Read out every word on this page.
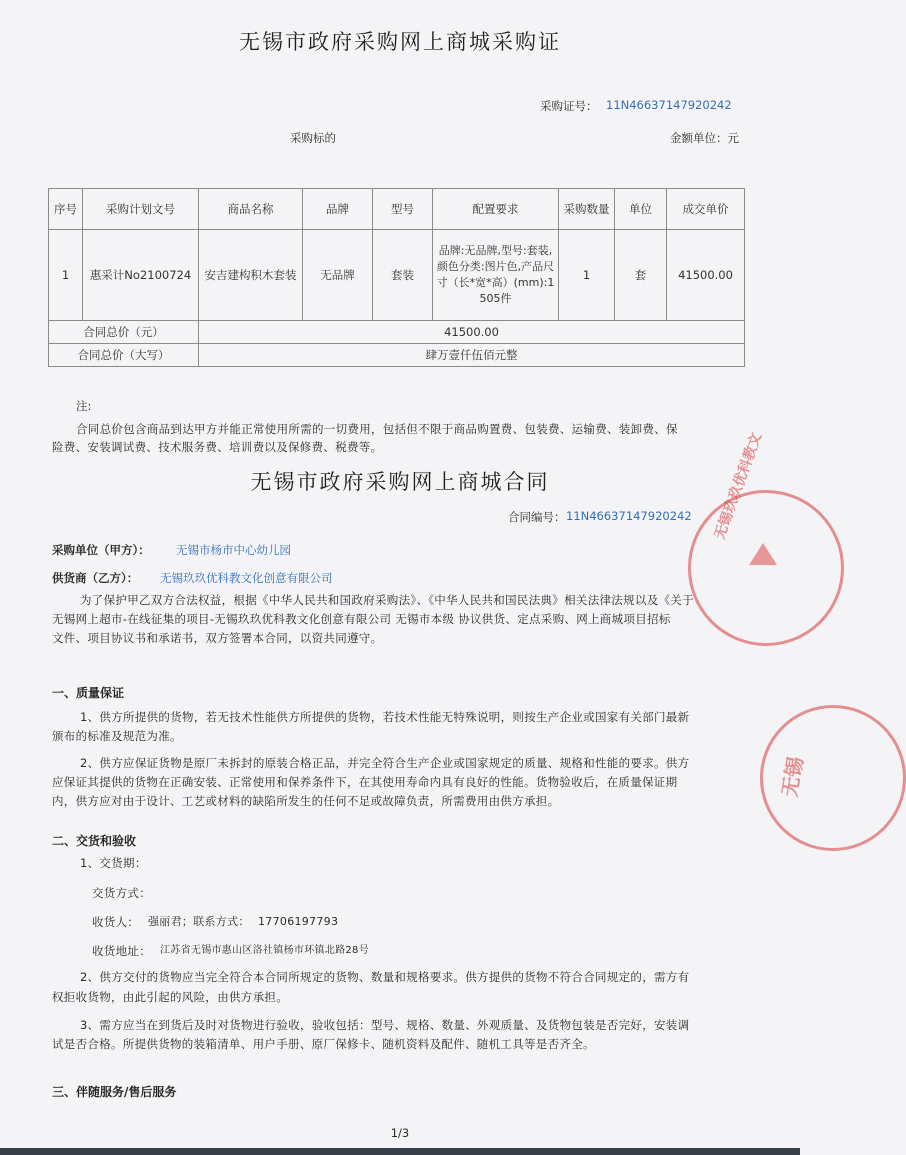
无锡市政府采购网上商城采购证
采购证号： 11N46637147920242
采购标的	金额单位：元
序号	采购计划文号	商品名称	品牌	型号	配置要求	采购数量	单位	成交单价
1	惠采计No2100724	安吉建构积木套装	无品牌	套装	品牌:无品牌,型号:套装,颜色分类:图片色,产品尺寸（长*宽*高）(mm):1505件	1	套	41500.00
合同总价（元）		41500.00						
合同总价（大写）		肆万壹仟伍佰元整						
注:
合同总价包含商品到达甲方并能正常使用所需的一切费用，包括但不限于商品购置费、包装费、运输费、装卸费、保
险费、安装调试费、技术服务费、培训费以及保修费、税费等。
无锡市政府采购网上商城合同
合同编号： 11N46637147920242
采购单位（甲方）： 无锡市杨市中心幼儿园
供货商（乙方）： 无锡玖玖优科教文化创意有限公司
为了保护甲乙双方合法权益，根据《中华人民共和国政府采购法》、《中华人民共和国民法典》相关法律法规以及《关于
无锡网上超市-在线征集的项目-无锡玖玖优科教文化创意有限公司 无锡市本级 协议供货、定点采购、网上商城项目招标
文件、项目协议书和承诺书，双方签署本合同，以资共同遵守。
一、质量保证
1、供方所提供的货物，若无技术性能供方所提供的货物，若技术性能无特殊说明，则按生产企业或国家有关部门最新
颁布的标准及规范为准。
2、供方应保证货物是原厂未拆封的原装合格正品，并完全符合生产企业或国家规定的质量、规格和性能的要求。供方
应保证其提供的货物在正确安装、正常使用和保养条件下，在其使用寿命内具有良好的性能。货物验收后，在质量保证期
内，供方应对由于设计、工艺或材料的缺陷所发生的任何不足或故障负责，所需费用由供方承担。
二、交货和验收
1、交货期：
交货方式：
收货人： 强丽君；联系方式： 17706197793
收货地址： 江苏省无锡市惠山区洛社镇杨市环镇北路28号
2、供方交付的货物应当完全符合本合同所规定的货物、数量和规格要求。供方提供的货物不符合合同规定的，需方有
权拒收货物，由此引起的风险，由供方承担。
3、需方应当在到货后及时对货物进行验收，验收包括：型号、规格、数量、外观质量、及货物包装是否完好，安装调
试是否合格。所提供货物的装箱清单、用户手册、原厂保修卡、随机资料及配件、随机工具等是否齐全。
三、伴随服务/售后服务
1/3
无锡玖玖优科教文
无锡
